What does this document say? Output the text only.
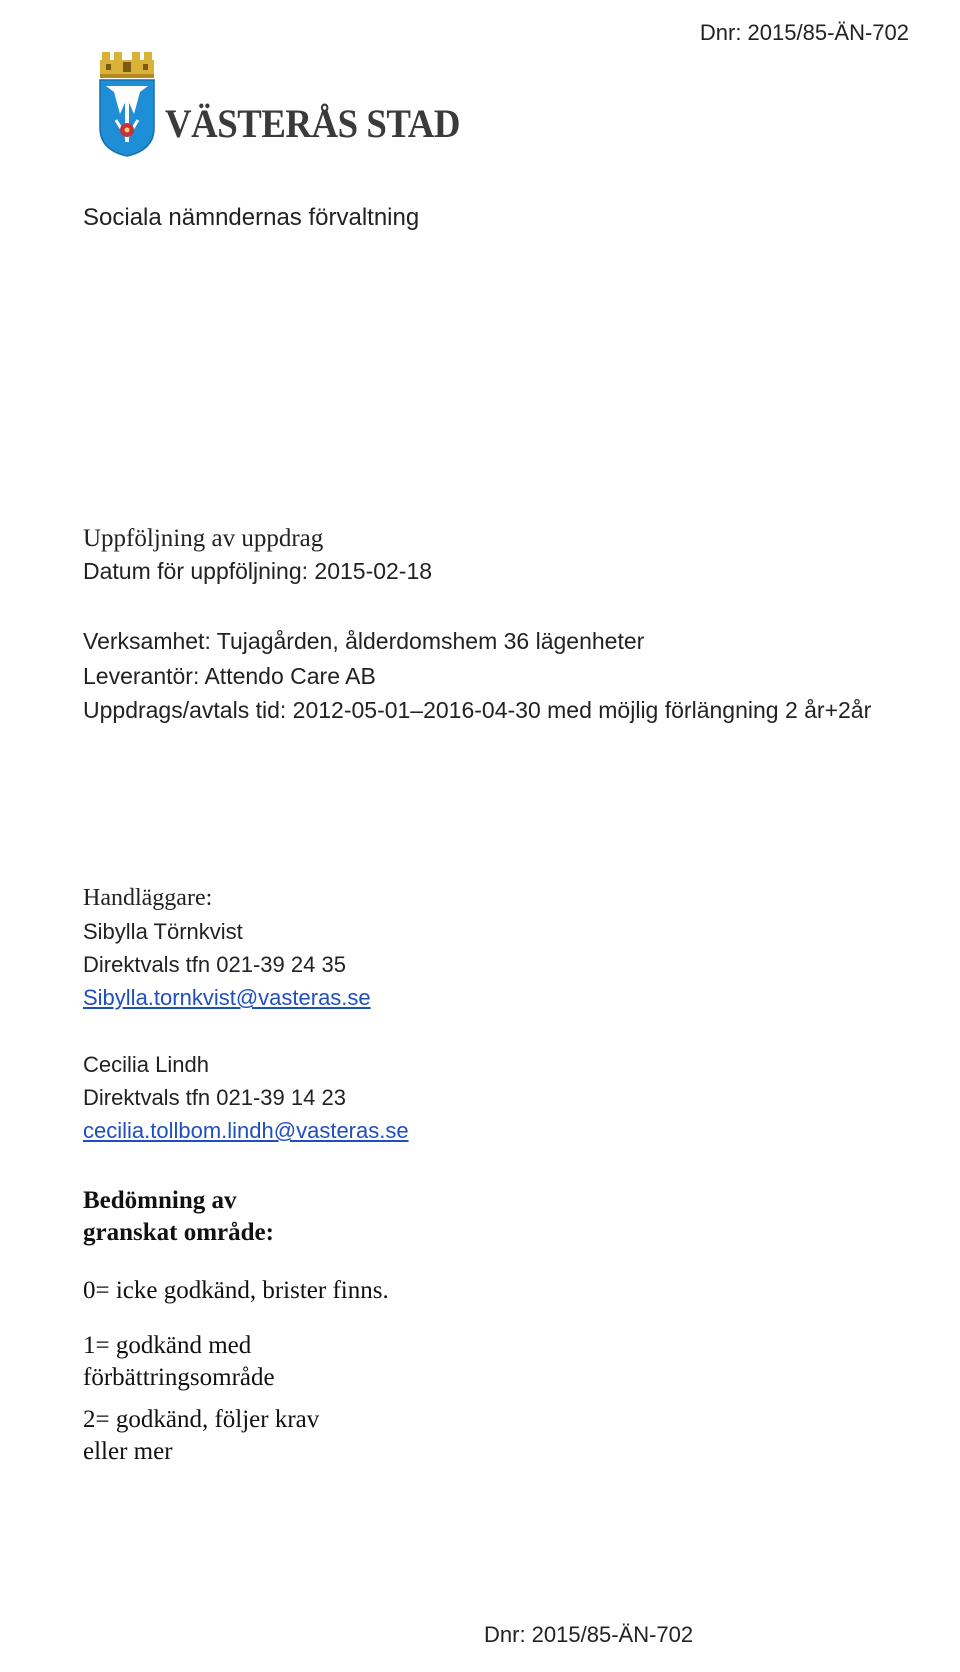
Dnr: 2015/85-ÄN-702
VÄSTERÅS STAD
Sociala nämndernas förvaltning
Uppföljning av uppdrag
Datum för uppföljning: 2015-02-18
Verksamhet: Tujagården, ålderdomshem 36 lägenheter
Leverantör: Attendo Care AB
Uppdrags/avtals tid: 2012-05-01–2016-04-30 med möjlig förlängning 2 år+2år
Handläggare:
Sibylla Törnkvist
Direktvals tfn 021-39 24 35
Sibylla.tornkvist@vasteras.se
Cecilia Lindh
Direktvals tfn 021-39 14 23
cecilia.tollbom.lindh@vasteras.se
Bedömning av
granskat område:
0= icke godkänd, brister finns.
1= godkänd med
förbättringsområde
2= godkänd, följer krav
eller mer
Dnr: 2015/85-ÄN-702
